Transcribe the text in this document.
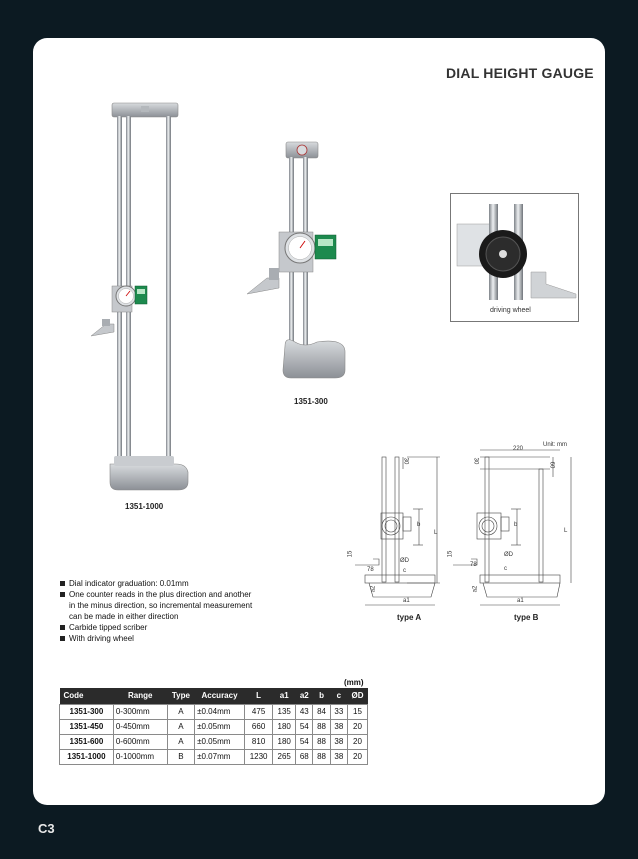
DIAL HEIGHT GAUGE
1351-1000
1351-300
driving wheel
Unit: mm
30
L
b
c
ØD
15
78
a2
a1
220
30
60
L
b
c
ØD
15
78
a2
a1
type A	type B
Dial indicator graduation: 0.01mm
One counter reads in the plus direction and another
in the minus direction, so incremental measurement
can be made in either direction
Carbide tipped scriber
With driving wheel
(mm)
Code	Range	Type	Accuracy	L	a1	a2	b	c	ØD
1351-300	0-300mm	A	±0.04mm	475	135	43	84	33	15
1351-450	0-450mm	A	±0.05mm	660	180	54	88	38	20
1351-600	0-600mm	A	±0.05mm	810	180	54	88	38	20
1351-1000	0-1000mm	B	±0.07mm	1230	265	68	88	38	20
C3
